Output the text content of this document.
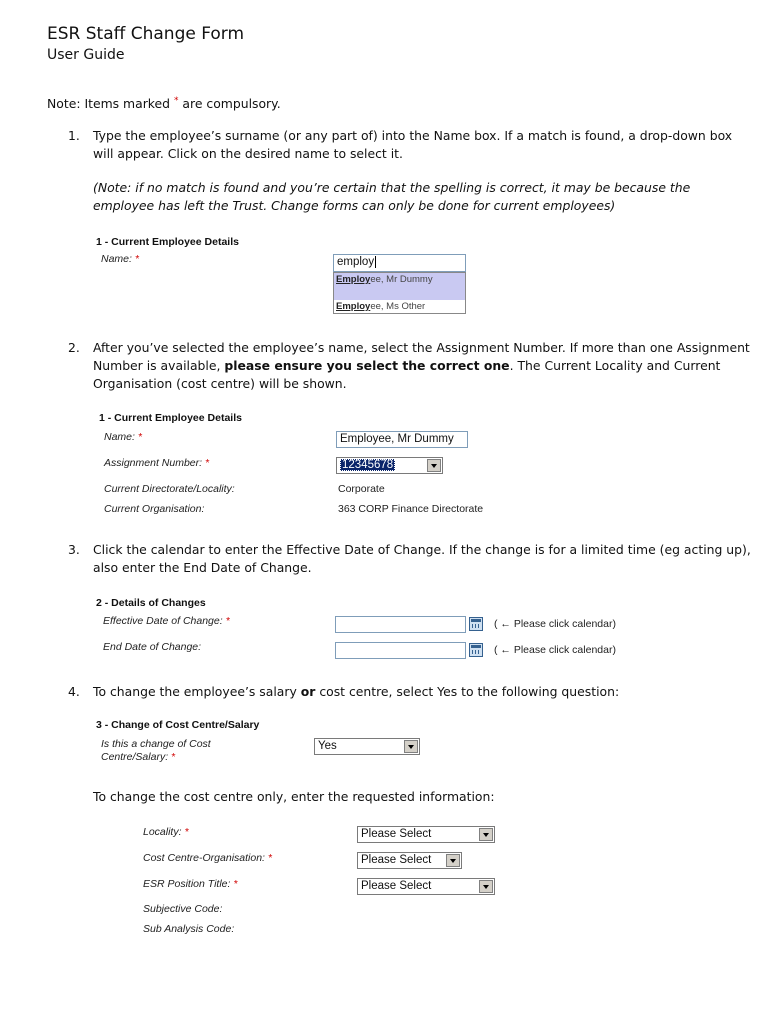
ESR Staff Change Form
User Guide
Note: Items marked * are compulsory.
1.	Type the employee’s surname (or any part of) into the Name box. If a match is found, a drop-down box will appear. Click on the desired name to select it.
(Note: if no match is found and you’re certain that the spelling is correct, it may be because the employee has left the Trust. Change forms can only be done for current employees)
1 - Current Employee Details
Name: *	employ
Employee, Mr Dummy
Employee, Ms Other
2.	After you’ve selected the employee’s name, select the Assignment Number. If more than one Assignment Number is available, please ensure you select the correct one. The Current Locality and Current Organisation (cost centre) will be shown.
1 - Current Employee Details
Name: *	Employee, Mr Dummy
Assignment Number: *	12345678
Current Directorate/Locality:	Corporate
Current Organisation:	363 CORP Finance Directorate
3.	Click the calendar to enter the Effective Date of Change. If the change is for a limited time (eg acting up), also enter the End Date of Change.
2 - Details of Changes
Effective Date of Change: *	( ← Please click calendar)
End Date of Change:	( ← Please click calendar)
4.	To change the employee’s salary or cost centre, select Yes to the following question:
3 - Change of Cost Centre/Salary
Is this a change of Cost Centre/Salary: *
Yes
To change the cost centre only, enter the requested information:
Locality: *	Please Select
Cost Centre-Organisation: *	Please Select
ESR Position Title: *	Please Select
Subjective Code:
Sub Analysis Code:
